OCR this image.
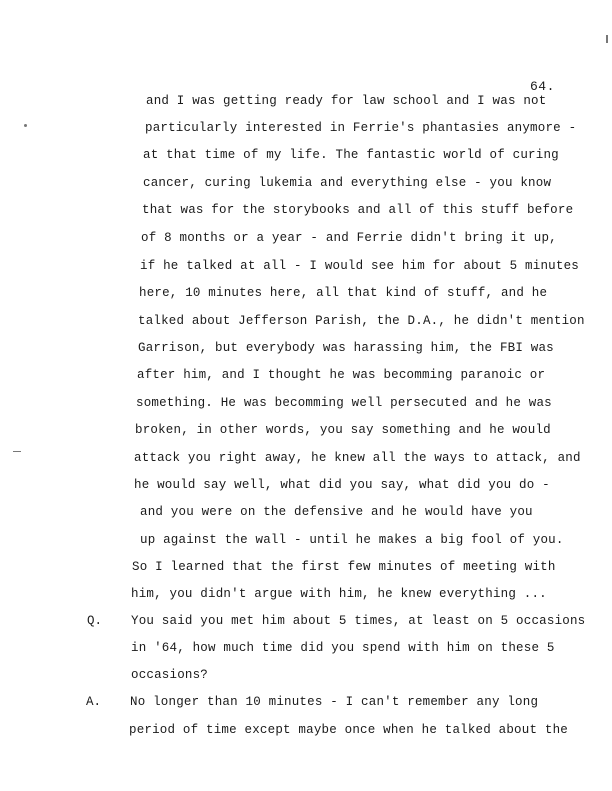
64.
and I was getting ready for law school and I was not
particularly interested in Ferrie's phantasies anymore -
at that time of my life. The fantastic world of curing
cancer, curing lukemia and everything else - you know
that was for the storybooks and all of this stuff before
of 8 months or a year - and Ferrie didn't bring it up,
if he talked at all - I would see him for about 5 minutes
here, 10 minutes here, all that kind of stuff, and he
talked about Jefferson Parish, the D.A., he didn't mention
Garrison, but everybody was harassing him, the FBI was
after him, and I thought he was becomming paranoic or
something. He was becomming well persecuted and he was
broken, in other words, you say something and he would
attack you right away, he knew all the ways to attack, and
he would say well, what did you say, what did you do -
and you were on the defensive and he would have you
up against the wall - until he makes a big fool of you.
So I learned that the first few minutes of meeting with
him, you didn't argue with him, he knew everything ...
Q. You said you met him about 5 times, at least on 5 occasions
in '64, how much time did you spend with him on these 5
occasions?
A. No longer than 10 minutes - I can't remember any long
period of time except maybe once when he talked about the
